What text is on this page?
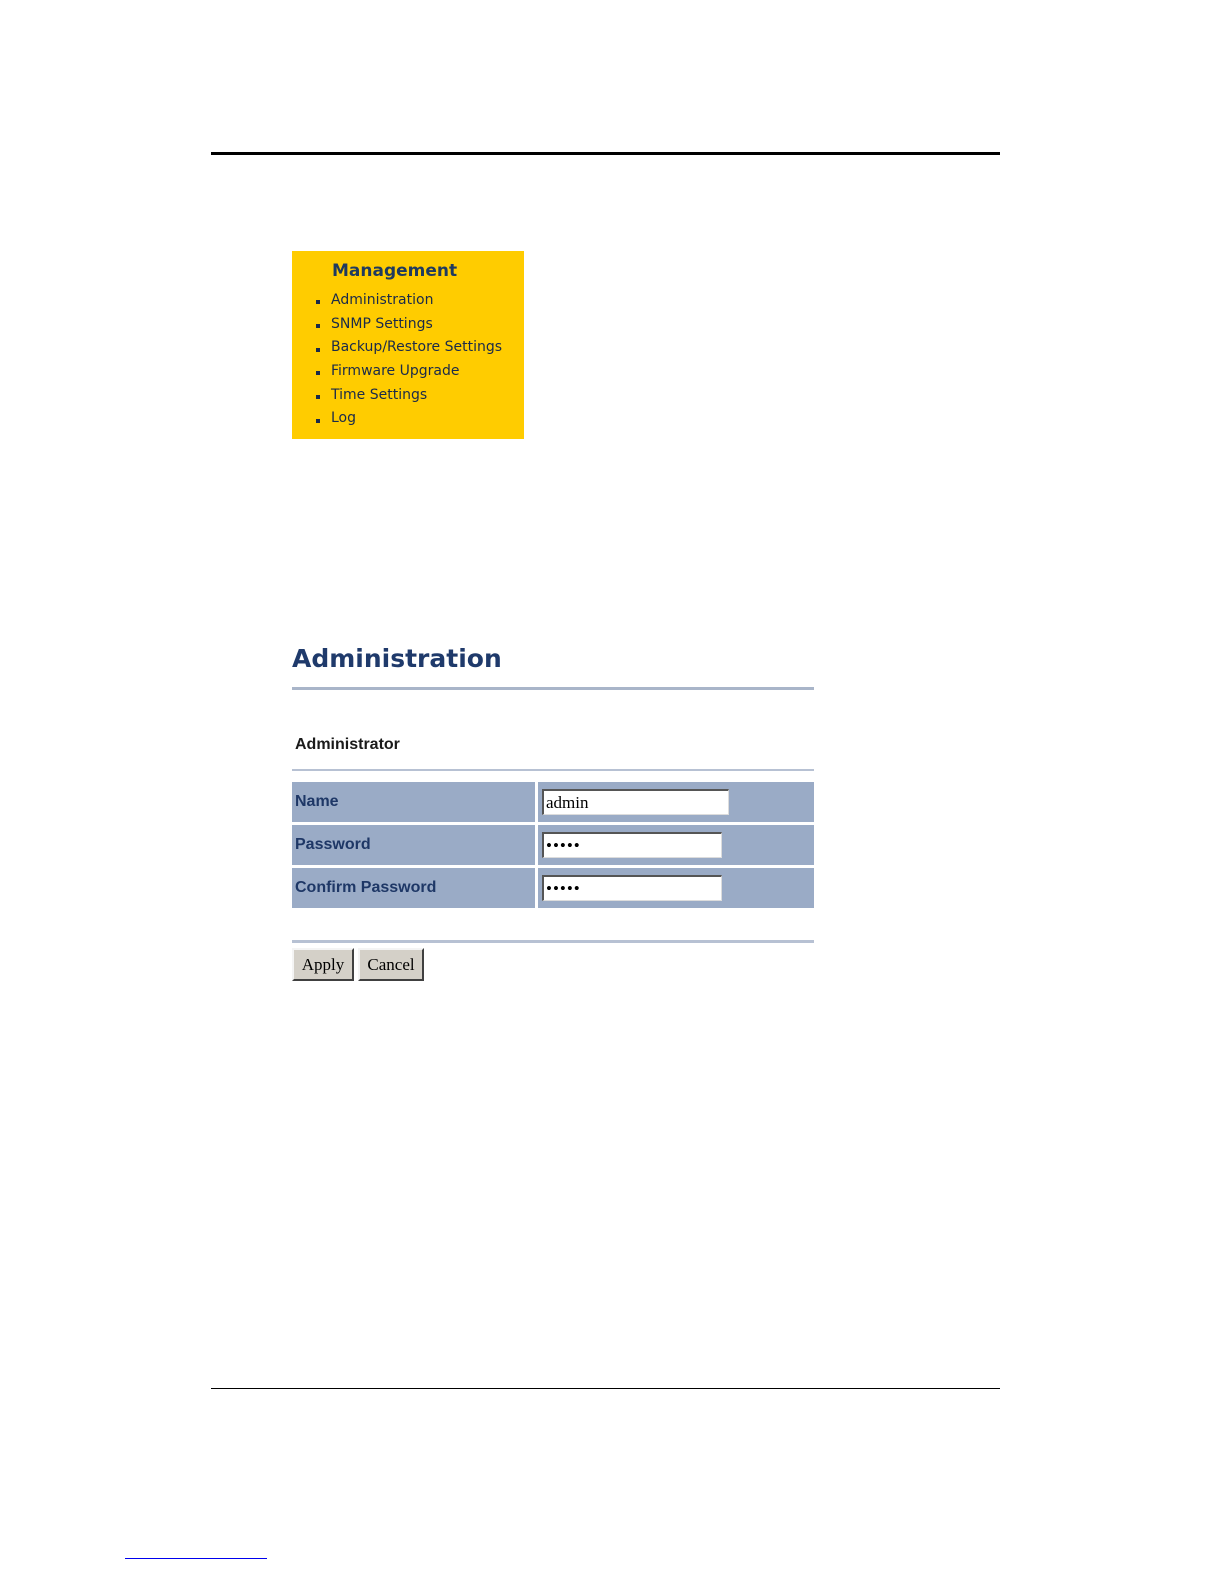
Management
Administration
SNMP Settings
Backup/Restore Settings
Firmware Upgrade
Time Settings
Log
Administration
Administrator
Name	admin
Password	•••••
Confirm Password	•••••
Apply	Cancel
